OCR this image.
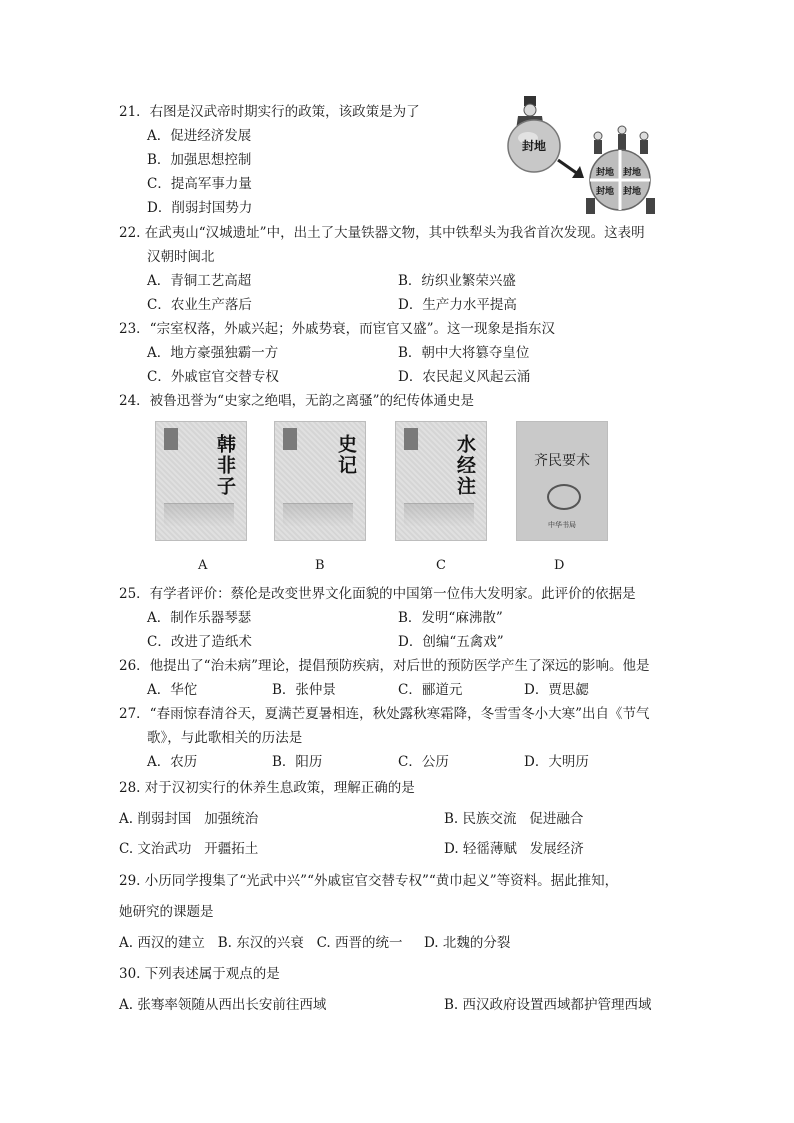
21．右图是汉武帝时期实行的政策，该政策是为了
A．促进经济发展
B．加强思想控制
C．提高军事力量
D．削弱封国势力
封地
封地 封地
封地 封地
22. 在武夷山“汉城遗址”中，出土了大量铁器文物，其中铁犁头为我省首次发现。这表明
汉朝时闽北
A．青铜工艺高超	B．纺织业繁荣兴盛
C．农业生产落后	D．生产力水平提高
23．“宗室权落，外戚兴起；外戚势衰，而宦官又盛”。这一现象是指东汉
A．地方豪强独霸一方	B．朝中大将篡夺皇位
C．外戚宦官交替专权	D．农民起义风起云涌
24．被鲁迅誉为“史家之绝唱，无韵之离骚”的纪传体通史是
韩非子	史记	水经注	齐民要术
中华书局
A	B	C	D
25．有学者评价：蔡伦是改变世界文化面貌的中国第一位伟大发明家。此评价的依据是
A．制作乐器琴瑟	B．发明“麻沸散”
C．改进了造纸术	D．创编“五禽戏”
26．他提出了“治未病”理论，提倡预防疾病，对后世的预防医学产生了深远的影响。他是
A．华佗	B．张仲景	C．郦道元	D．贾思勰
27．“春雨惊春清谷天，夏满芒夏暑相连，秋处露秋寒霜降，冬雪雪冬小大寒”出自《节气
歌》，与此歌相关的历法是
A．农历	B．阳历	C．公历	D．大明历
28. 对于汉初实行的休养生息政策，理解正确的是
A. 削弱封国   加强统治	B. 民族交流   促进融合
C. 文治武功   开疆拓土	D. 轻徭薄赋   发展经济
29. 小历同学搜集了“光武中兴”“外戚宦官交替专权”“黄巾起义”等资料。据此推知，
她研究的课题是
A. 西汉的建立   B. 东汉的兴衰   C. 西晋的统一     D. 北魏的分裂
30. 下列表述属于观点的是
A. 张骞率领随从西出长安前往西域	B. 西汉政府设置西域都护管理西域
